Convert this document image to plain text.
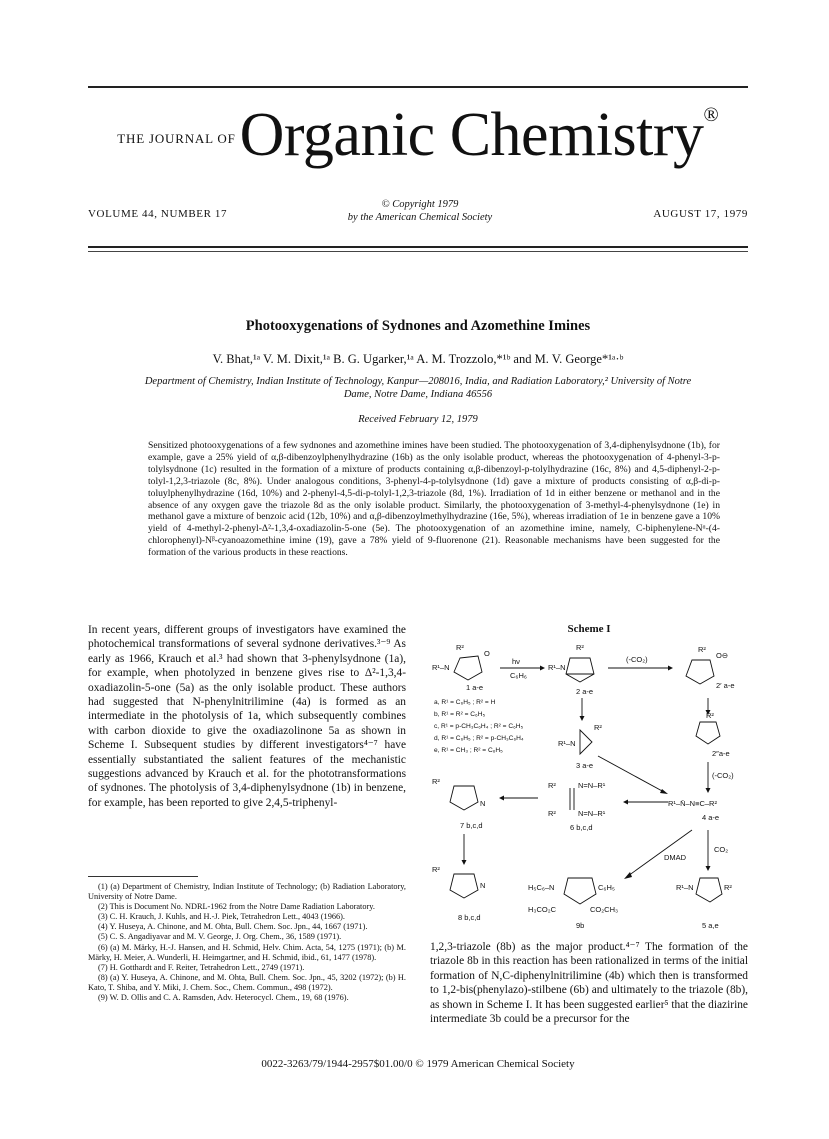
$^{THE JOURNAL OF}$ Organic Chemistry®
VOLUME 44, NUMBER 17
© Copyright 1979
by the American Chemical Society	AUGUST 17, 1979
Photooxygenations of Sydnones and Azomethine Imines
V. Bhat,¹ᵃ V. M. Dixit,¹ᵃ B. G. Ugarker,¹ᵃ A. M. Trozzolo,*¹ᵇ and M. V. George*¹ᵃ·ᵇ
Department of Chemistry, Indian Institute of Technology, Kanpur—208016, India, and Radiation Laboratory,² University of Notre Dame, Notre Dame, Indiana 46556
Received February 12, 1979
Sensitized photooxygenations of a few sydnones and azomethine imines have been studied. The photooxygenation of 3,4-diphenylsydnone (1b), for example, gave a 25% yield of α,β-dibenzoylphenylhydrazine (16b) as the only isolable product, whereas the photooxygenation of 4-phenyl-3-p-tolylsydnone (1c) resulted in the formation of a mixture of products containing α,β-dibenzoyl-p-tolylhydrazine (16c, 8%) and 4,5-diphenyl-2-p-tolyl-1,2,3-triazole (8c, 8%). Under analogous conditions, 3-phenyl-4-p-tolylsydnone (1d) gave a mixture of products consisting of α,β-di-p-toluylphenylhydrazine (16d, 10%) and 2-phenyl-4,5-di-p-tolyl-1,2,3-triazole (8d, 1%). Irradiation of 1d in either benzene or methanol and in the absence of any oxygen gave the triazole 8d as the only isolable product. Similarly, the photooxygenation of 3-methyl-4-phenylsydnone (1e) in methanol gave a mixture of benzoic acid (12b, 10%) and α,β-dibenzoylmethylhydrazine (16e, 5%), whereas irradiation of 1e in benzene gave a 10% yield of 4-methyl-2-phenyl-Δ²-1,3,4-oxadiazolin-5-one (5e). The photooxygenation of an azomethine imine, namely, C-biphenylene-Nᵅ-(4-chlorophenyl)-Nᵝ-cyanoazomethine imine (19), gave a 78% yield of 9-fluorenone (21). Reasonable mechanisms have been suggested for the formation of the various products in these reactions.
In recent years, different groups of investigators have examined the photochemical transformations of several sydnone derivatives.³⁻⁹ As early as 1966, Krauch et al.³ had shown that 3-phenylsydnone (1a), for example, when photolyzed in benzene gives rise to Δ²-1,3,4-oxadiazolin-5-one (5a) as the only isolable product. These authors had suggested that N-phenylnitrilimine (4a) is formed as an intermediate in the photolysis of 1a, which subsequently combines with carbon dioxide to give the oxadiazolinone 5a as shown in Scheme I. Subsequent studies by different investigators⁴⁻⁷ have essentially substantiated the salient features of the mechanistic suggestions advanced by Krauch et al. for the phototransformations of sydnones. The photolysis of 3,4-diphenylsydnone (1b) in benzene, for example, has been reported to give 2,4,5-triphenyl-

(1) (a) Department of Chemistry, Indian Institute of Technology; (b) Radiation Laboratory, University of Notre Dame.

(2) This is Document No. NDRL-1962 from the Notre Dame Radiation Laboratory.

(3) C. H. Krauch, J. Kuhls, and H.-J. Piek, Tetrahedron Lett., 4043 (1966).

(4) Y. Huseya, A. Chinone, and M. Ohta, Bull. Chem. Soc. Jpn., 44, 1667 (1971).

(5) C. S. Angadiyavar and M. V. George, J. Org. Chem., 36, 1589 (1971).

(6) (a) M. Märky, H.-J. Hansen, and H. Schmid, Helv. Chim. Acta, 54, 1275 (1971); (b) M. Märky, H. Meier, A. Wunderli, H. Heimgartner, and H. Schmid, ibid., 61, 1477 (1978).

(7) H. Gotthardt and F. Reiter, Tetrahedron Lett., 2749 (1971).

(8) (a) Y. Huseya, A. Chinone, and M. Ohta, Bull. Chem. Soc. Jpn., 45, 3202 (1972); (b) H. Kato, T. Shiba, and Y. Miki, J. Chem. Soc., Chem. Commun., 498 (1972).

(9) W. D. Ollis and C. A. Ramsden, Adv. Heterocycl. Chem., 19, 68 (1976).

Scheme I
R²
R¹–N
O
1 a-e
hν
C₆H₆
R²
R¹–N
2 a-e
(-CO₂)
R²
O⊖
2′ a-e
a, R¹ = C₆H₅ ; R² = H
b, R¹ = R² = C₆H₅
c, R¹ = p-CH₃C₆H₄ ; R² = C₆H₅
d, R¹ = C₆H₅ ; R² = p-CH₃C₆H₄
e, R¹ = CH₃ ; R² = C₆H₅
R²
R¹–N
3 a-e
R²
2″a-e
(-CO₂)
R²
N
7 b,c,d
R²	N=N–R¹
R²	N=N–R¹
6 b,c,d
R¹–N̄–N≡C–R²
4 a-e
DMAD
CO₂
R²
N
8 b,c,d
H₅C₆–N	C₆H₅
H₃CO₂C	CO₂CH₃
9b
R¹–N	R²
5 a,e
1,2,3-triazole (8b) as the major product.⁴⁻⁷ The formation of the triazole 8b in this reaction has been rationalized in terms of the initial formation of N,C-diphenylnitrilimine (4b) which then is transformed to 1,2-bis(phenylazo)-stilbene (6b) and ultimately to the triazole (8b), as shown in Scheme I. It has been suggested earlier⁵ that the diazirine intermediate 3b could be a precursor for the
0022-3263/79/1944-2957$01.00/0 © 1979 American Chemical Society
